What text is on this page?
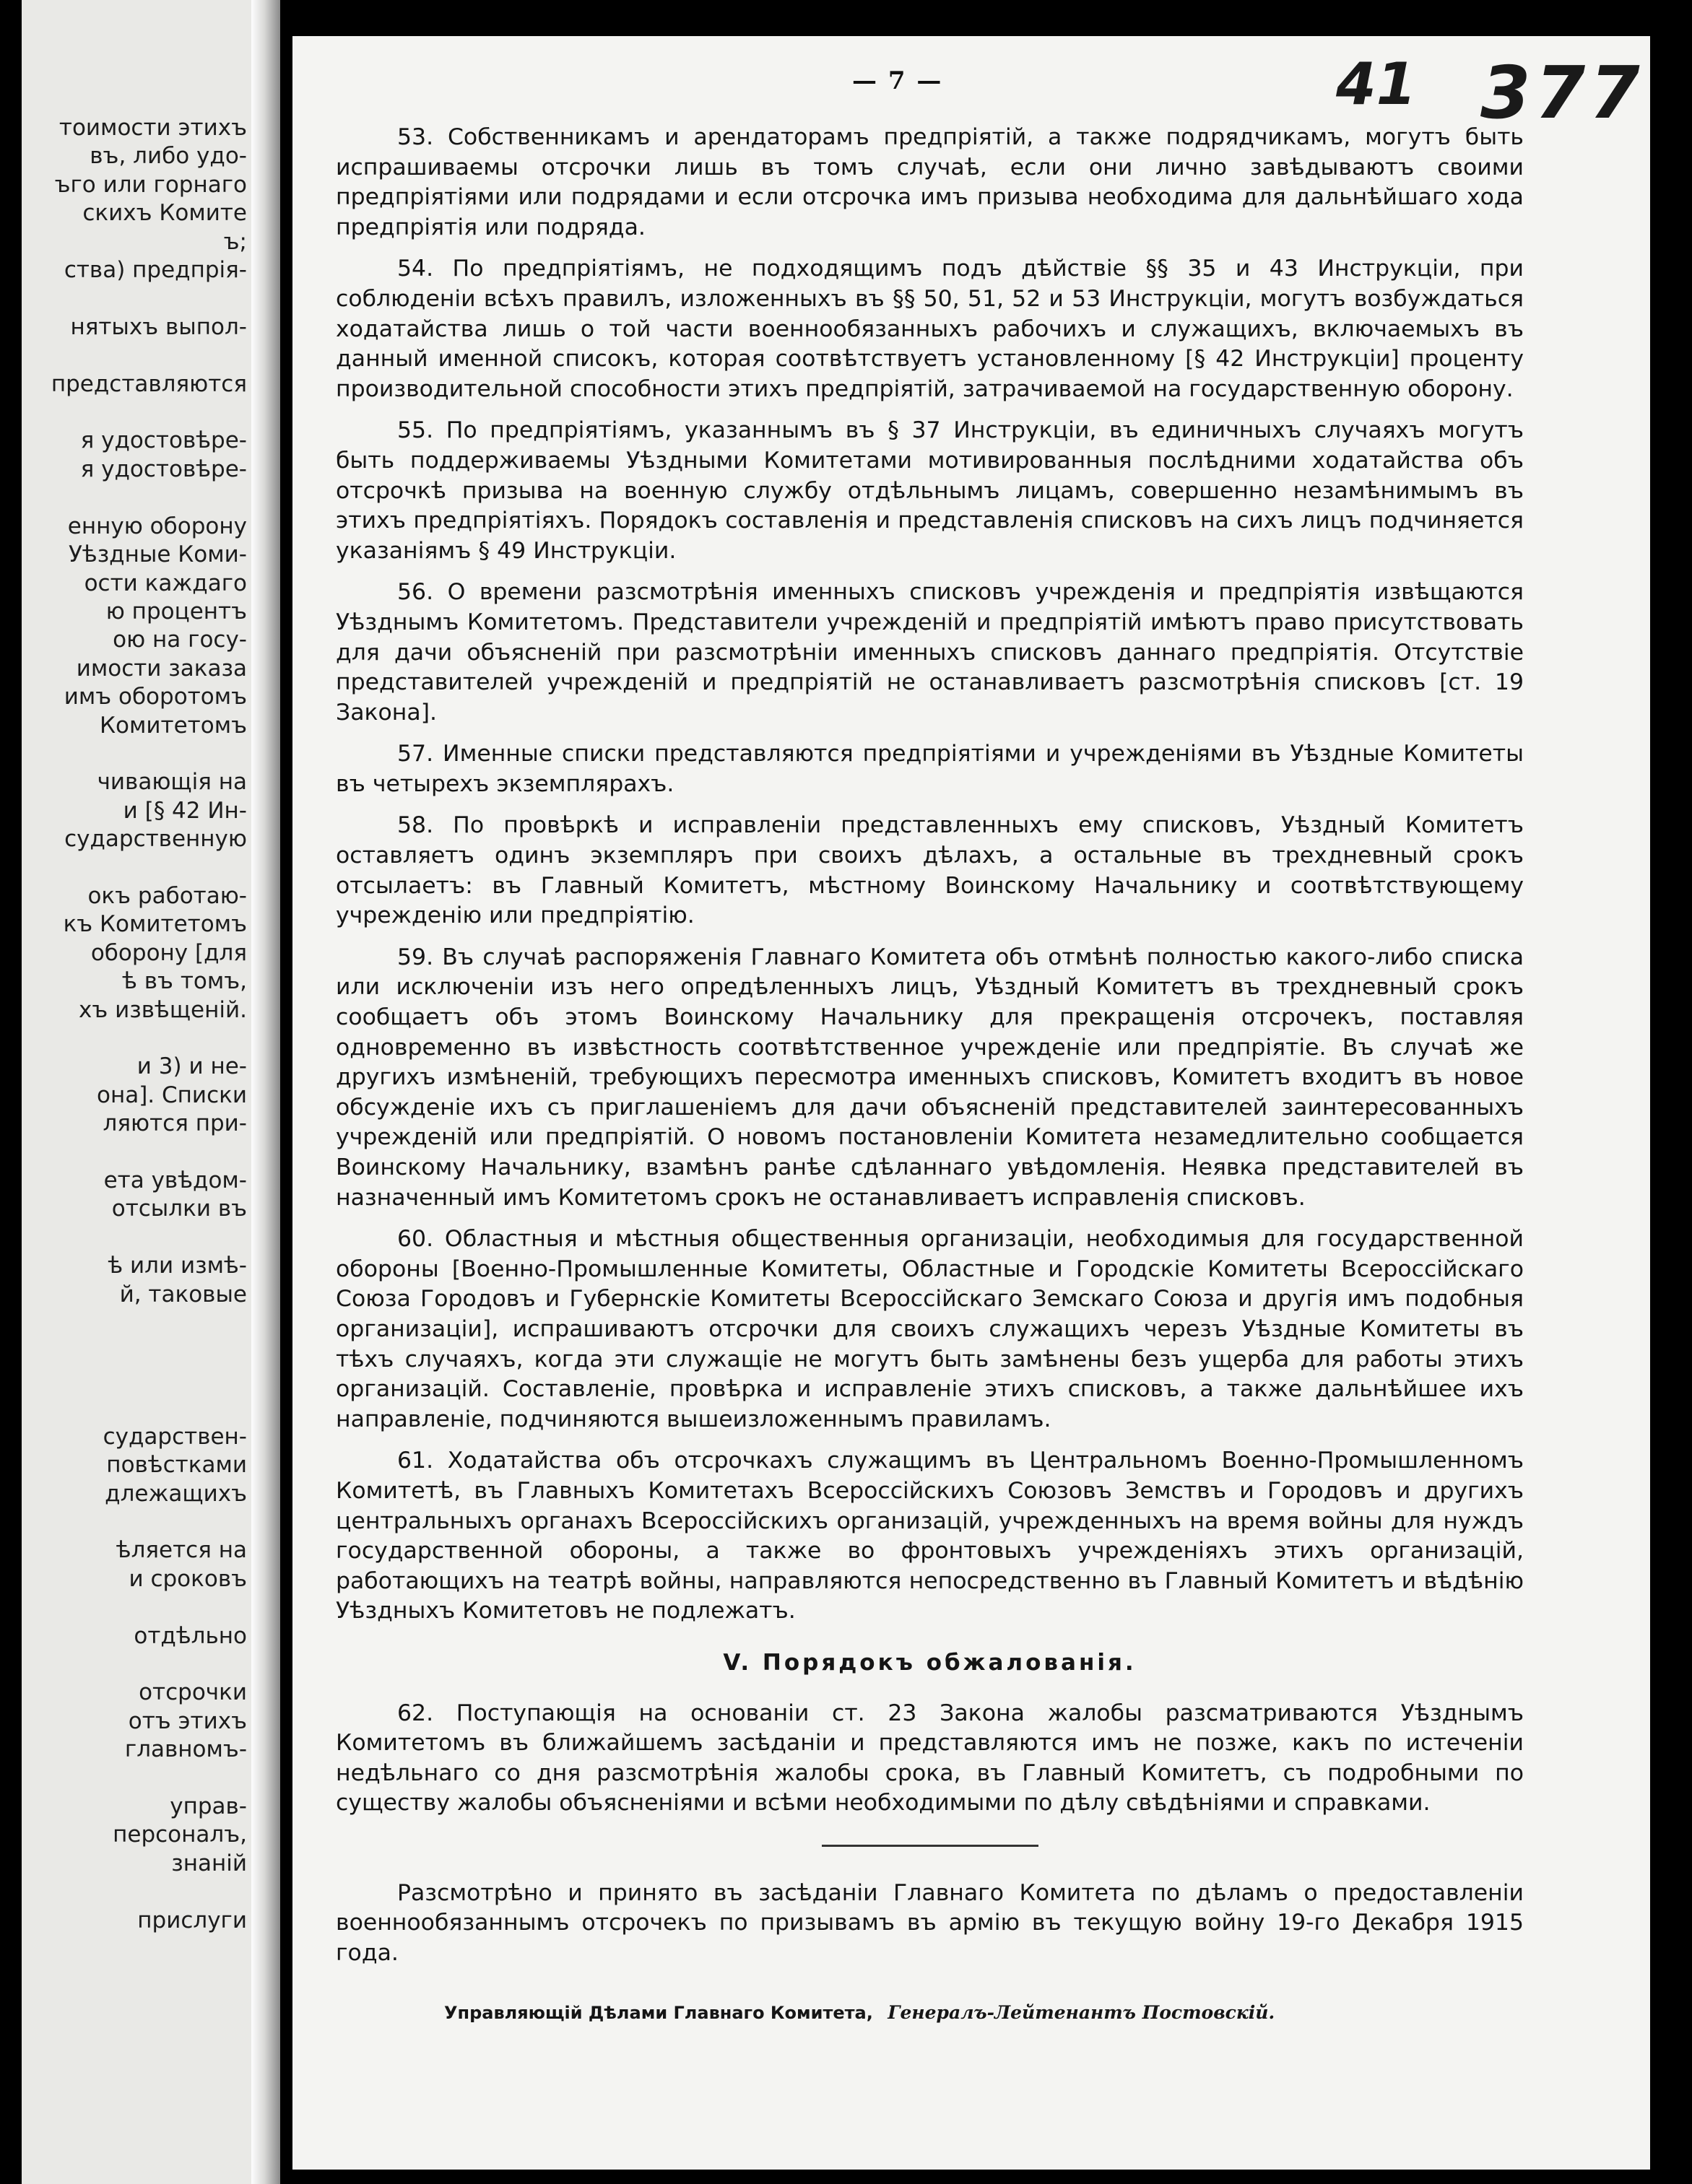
тоимости этихъ
въ, либо удо-
ъго или горнаго
скихъ Комите
ъ;
ства) предпрія-

нятыхъ выпол-

представляются

я удостовѣре-
я удостовѣре-

енную оборону
Уѣздные Коми-
ости каждаго
ю процентъ
ою на госу-
имости заказа
имъ оборотомъ
Комитетомъ

чивающія на
и [§ 42 Ин-
сударственную

окъ работаю-
къ Комитетомъ
оборону [для
ѣ въ томъ,
хъ извѣщеній.

и 3) и не-
она]. Списки
ляются при-

ета увѣдом-
отсылки въ

ѣ или измѣ-
й, таковые

сударствен-
повѣстками
длежащихъ

ѣляется на
и сроковъ

отдѣльно

отсрочки
отъ этихъ
главномъ-

управ-
персоналъ,
знаній

прислуги
— 7 —	41 377

53. Собственникамъ и арендаторамъ предпріятій, а также подрядчикамъ, могутъ быть испрашиваемы отсрочки лишь въ томъ случаѣ, если они лично завѣдываютъ своими предпріятіями или подрядами и если отсрочка имъ призыва необходима для дальнѣйшаго хода предпріятія или подряда.

54. По предпріятіямъ, не подходящимъ подъ дѣйствіе §§ 35 и 43 Инструкціи, при соблюденіи всѣхъ правилъ, изложенныхъ въ §§ 50, 51, 52 и 53 Инструкціи, могутъ возбуждаться ходатайства лишь о той части военнообязанныхъ рабочихъ и служащихъ, включаемыхъ въ данный именной списокъ, которая соотвѣтствуетъ установленному [§ 42 Инструкціи] проценту производительной способности этихъ предпріятій, затрачиваемой на государственную оборону.

55. По предпріятіямъ, указаннымъ въ § 37 Инструкціи, въ единичныхъ случаяхъ могутъ быть поддерживаемы Уѣздными Комитетами мотивированныя послѣдними ходатайства объ отсрочкѣ призыва на военную службу отдѣльнымъ лицамъ, совершенно незамѣнимымъ въ этихъ предпріятіяхъ. Порядокъ составленія и представленія списковъ на сихъ лицъ подчиняется указаніямъ § 49 Инструкціи.

56. О времени разсмотрѣнія именныхъ списковъ учрежденія и предпріятія извѣщаются Уѣзднымъ Комитетомъ. Представители учрежденій и предпріятій имѣютъ право присутствовать для дачи объясненій при разсмотрѣніи именныхъ списковъ даннаго предпріятія. Отсутствіе представителей учрежденій и предпріятій не останавливаетъ разсмотрѣнія списковъ [ст. 19 Закона].

57. Именные списки представляются предпріятіями и учрежденіями въ Уѣздные Комитеты въ четырехъ экземплярахъ.

58. По провѣркѣ и исправленіи представленныхъ ему списковъ, Уѣздный Комитетъ оставляетъ одинъ экземпляръ при своихъ дѣлахъ, а остальные въ трехдневный срокъ отсылаетъ: въ Главный Комитетъ, мѣстному Воинскому Начальнику и соотвѣтствующему учрежденію или предпріятію.

59. Въ случаѣ распоряженія Главнаго Комитета объ отмѣнѣ полностью какого-либо списка или исключеніи изъ него опредѣленныхъ лицъ, Уѣздный Комитетъ въ трехдневный срокъ сообщаетъ объ этомъ Воинскому Начальнику для прекращенія отсрочекъ, поставляя одновременно въ извѣстность соотвѣтственное учрежденіе или предпріятіе. Въ случаѣ же другихъ измѣненій, требующихъ пересмотра именныхъ списковъ, Комитетъ входитъ въ новое обсужденіе ихъ съ приглашеніемъ для дачи объясненій представителей заинтересованныхъ учрежденій или предпріятій. О новомъ постановленіи Комитета незамедлительно сообщается Воинскому Начальнику, взамѣнъ ранѣе сдѣланнаго увѣдомленія. Неявка представителей въ назначенный имъ Комитетомъ срокъ не останавливаетъ исправленія списковъ.

60. Областныя и мѣстныя общественныя организаціи, необходимыя для государственной обороны [Военно-Промышленные Комитеты, Областные и Городскіе Комитеты Всероссійскаго Союза Городовъ и Губернскіе Комитеты Всероссійскаго Земскаго Союза и другія имъ подобныя организаціи], испрашиваютъ отсрочки для своихъ служащихъ черезъ Уѣздные Комитеты въ тѣхъ случаяхъ, когда эти служащіе не могутъ быть замѣнены безъ ущерба для работы этихъ организацій. Составленіе, провѣрка и исправленіе этихъ списковъ, а также дальнѣйшее ихъ направленіе, подчиняются вышеизложеннымъ правиламъ.

61. Ходатайства объ отсрочкахъ служащимъ въ Центральномъ Военно-Промышленномъ Комитетѣ, въ Главныхъ Комитетахъ Всероссійскихъ Союзовъ Земствъ и Городовъ и другихъ центральныхъ органахъ Всероссійскихъ организацій, учрежденныхъ на время войны для нуждъ государственной обороны, а также во фронтовыхъ учрежденіяхъ этихъ организацій, работающихъ на театрѣ войны, направляются непосредственно въ Главный Комитетъ и вѣдѣнію Уѣздныхъ Комитетовъ не подлежатъ.

V. Порядокъ обжалованія.

62. Поступающія на основаніи ст. 23 Закона жалобы разсматриваются Уѣзднымъ Комитетомъ въ ближайшемъ засѣданіи и представляются имъ не позже, какъ по истеченіи недѣльнаго со дня разсмотрѣнія жалобы срока, въ Главный Комитетъ, съ подробными по существу жалобы объясненіями и всѣми необходимыми по дѣлу свѣдѣніями и справками.

Разсмотрѣно и принято въ засѣданіи Главнаго Комитета по дѣламъ о предоставленіи военнообязаннымъ отсрочекъ по призывамъ въ армію въ текущую войну 19-го Декабря 1915 года.

Управляющій Дѣлами Главнаго Комитета, Генералъ-Лейтенантъ Постовскій.
